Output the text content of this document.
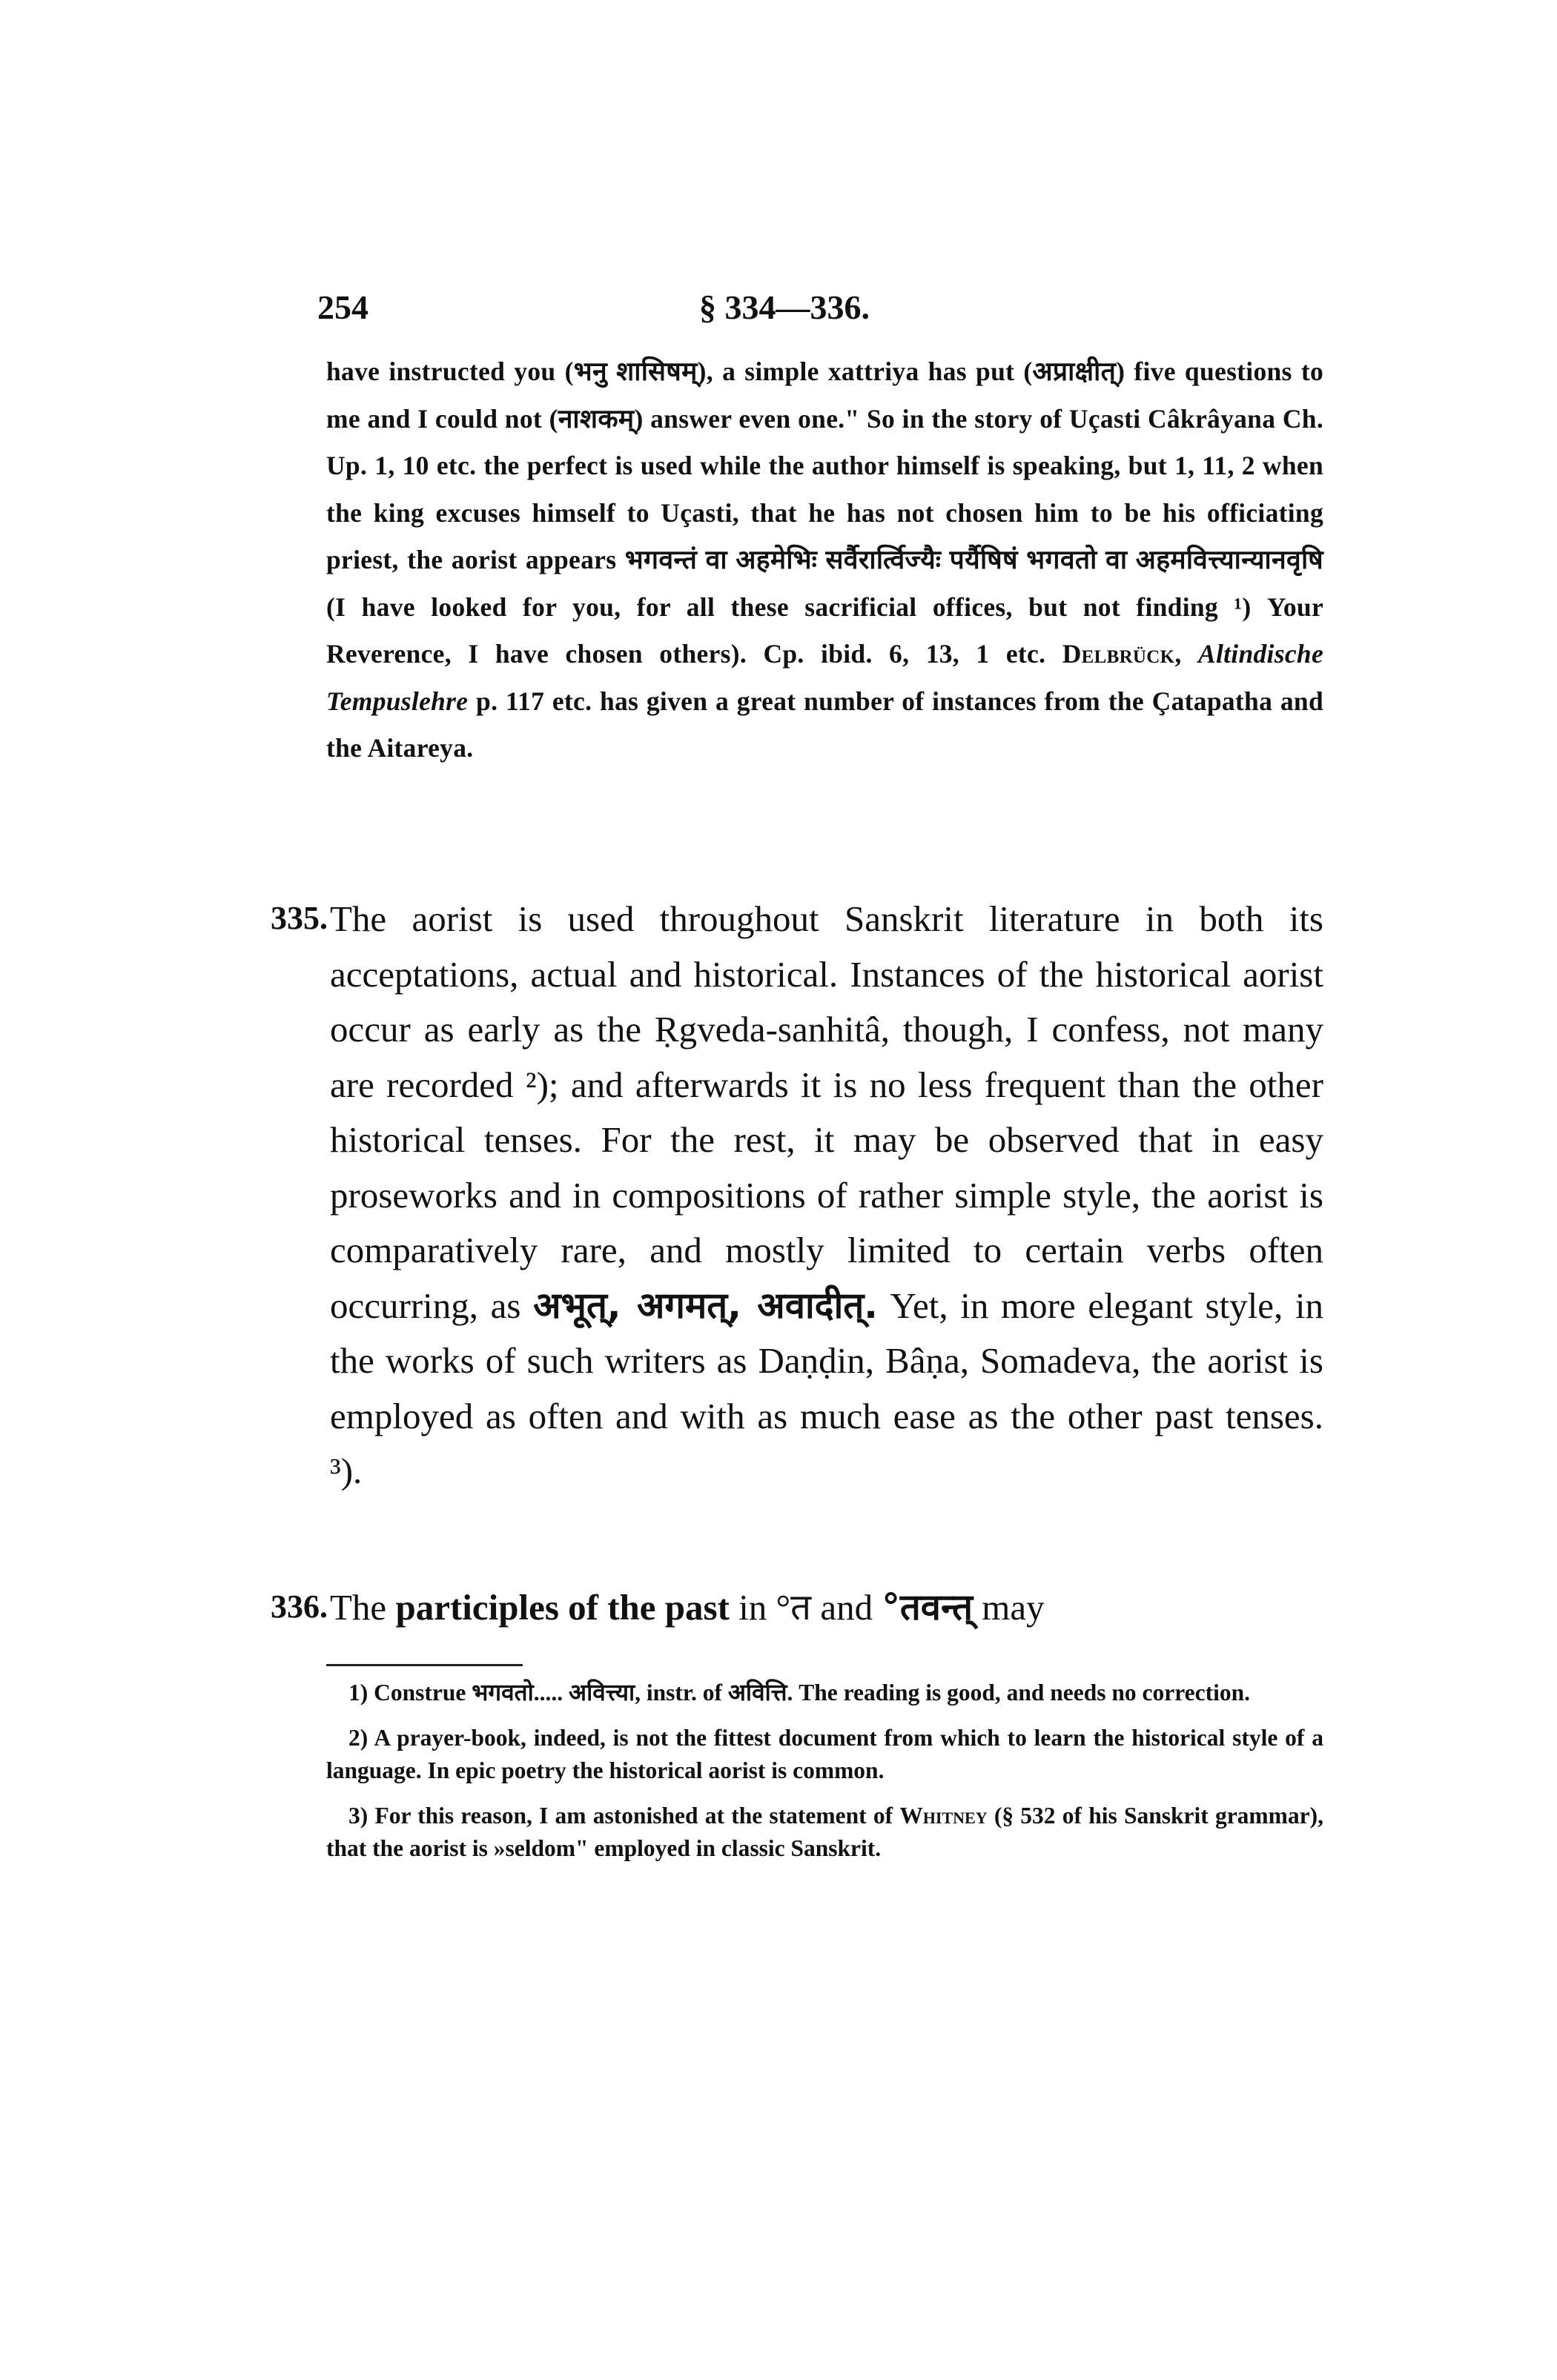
254	§ 334—336.

have instructed you (भनु शासिषम्), a simple xattriya has put (अप्राक्षीत्) five questions to me and I could not (नाशकम्) answer even one." So in the story of Uçasti Câkrâyana Ch. Up. 1, 10 etc. the perfect is used while the author himself is speaking, but 1, 11, 2 when the king excuses himself to Uçasti, that he has not chosen him to be his officiating priest, the aorist appears भगवन्तं वा अहमेभिः सर्वैरार्त्विज्यैः पर्यैषिषं भगवतो वा अहमवित्त्यान्यानवृषि (I have looked for you, for all these sacrificial offices, but not finding ¹) Your Reverence, I have chosen others). Cp. ibid. 6, 13, 1 etc. Delbrück, Altindische Tempuslehre p. 117 etc. has given a great number of instances from the Çatapatha and the Aitareya.

335. The aorist is used throughout Sanskrit literature in both its acceptations, actual and historical. Instances of the historical aorist occur as early as the Ṛgveda-sanhitâ, though, I confess, not many are recorded ²); and afterwards it is no less frequent than the other historical tenses. For the rest, it may be observed that in easy proseworks and in compositions of rather simple style, the aorist is comparatively rare, and mostly limited to certain verbs often occurring, as अभूत्, अगमत्, अवादीत्. Yet, in more elegant style, in the works of such writers as Daṇḍin, Bâṇa, Somadeva, the aorist is employed as often and with as much ease as the other past tenses. ³).

336. The participles of the past in °त and °तवन्त् may

1) Construe भगवतो..... अवित्त्या, instr. of अवित्ति. The reading is good, and needs no correction.

2) A prayer-book, indeed, is not the fittest document from which to learn the historical style of a language. In epic poetry the historical aorist is common.

3) For this reason, I am astonished at the statement of Whitney (§ 532 of his Sanskrit grammar), that the aorist is »seldom" employed in classic Sanskrit.
